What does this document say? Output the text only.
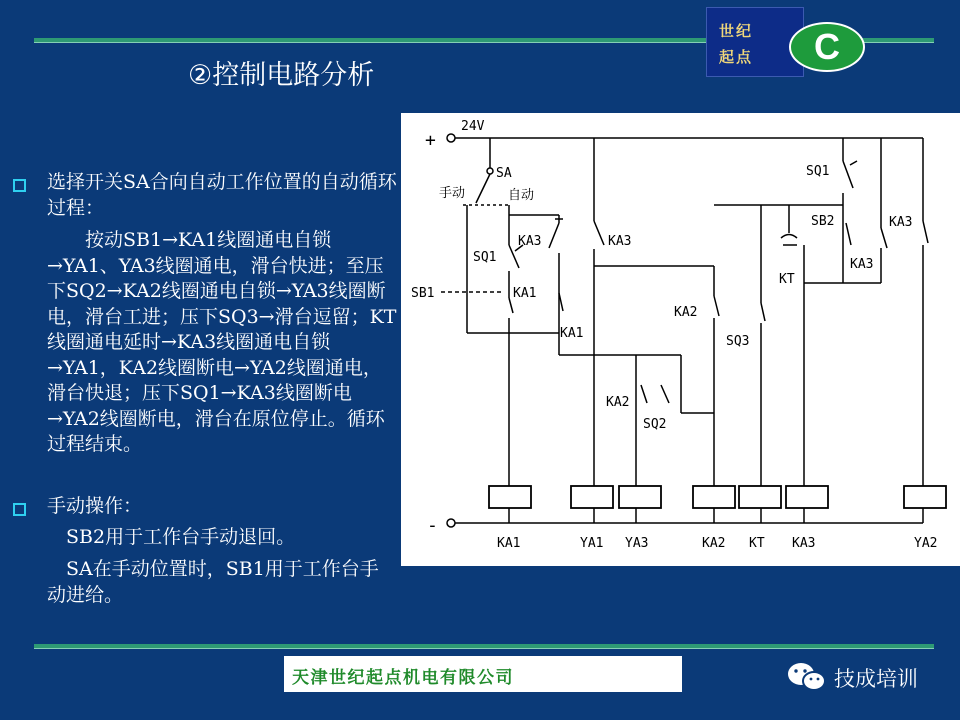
世纪
起点	C
②控制电路分析
选择开关SA合向自动工作位置的自动循环过程：
　　按动SB1→KA1线圈通电自锁→YA1、YA3线圈通电，滑台快进；至压下SQ2→KA2线圈通电自锁→YA3线圈断电，滑台工进；压下SQ3→滑台逗留；KT线圈通电延时→KA3线圈通电自锁→YA1，KA2线圈断电→YA2线圈通电，滑台快退；压下SQ1→KA3线圈断电→YA2线圈断电，滑台在原位停止。循环过程结束。
手动操作：
　SB2用于工作台手动退回。
　SA在手动位置时，SB1用于工作台手动进给。
+
24V
-
SA
手动	自动
SQ1
KA3
SB1	KA1
KA3
KA1
KA2
SQ2
KA2
SQ3
KT
SQ1
SB2
KA3
KA3
KA1	YA1 YA3	KA2 KT KA3	YA2
天津世纪起点机电有限公司	技成培训
